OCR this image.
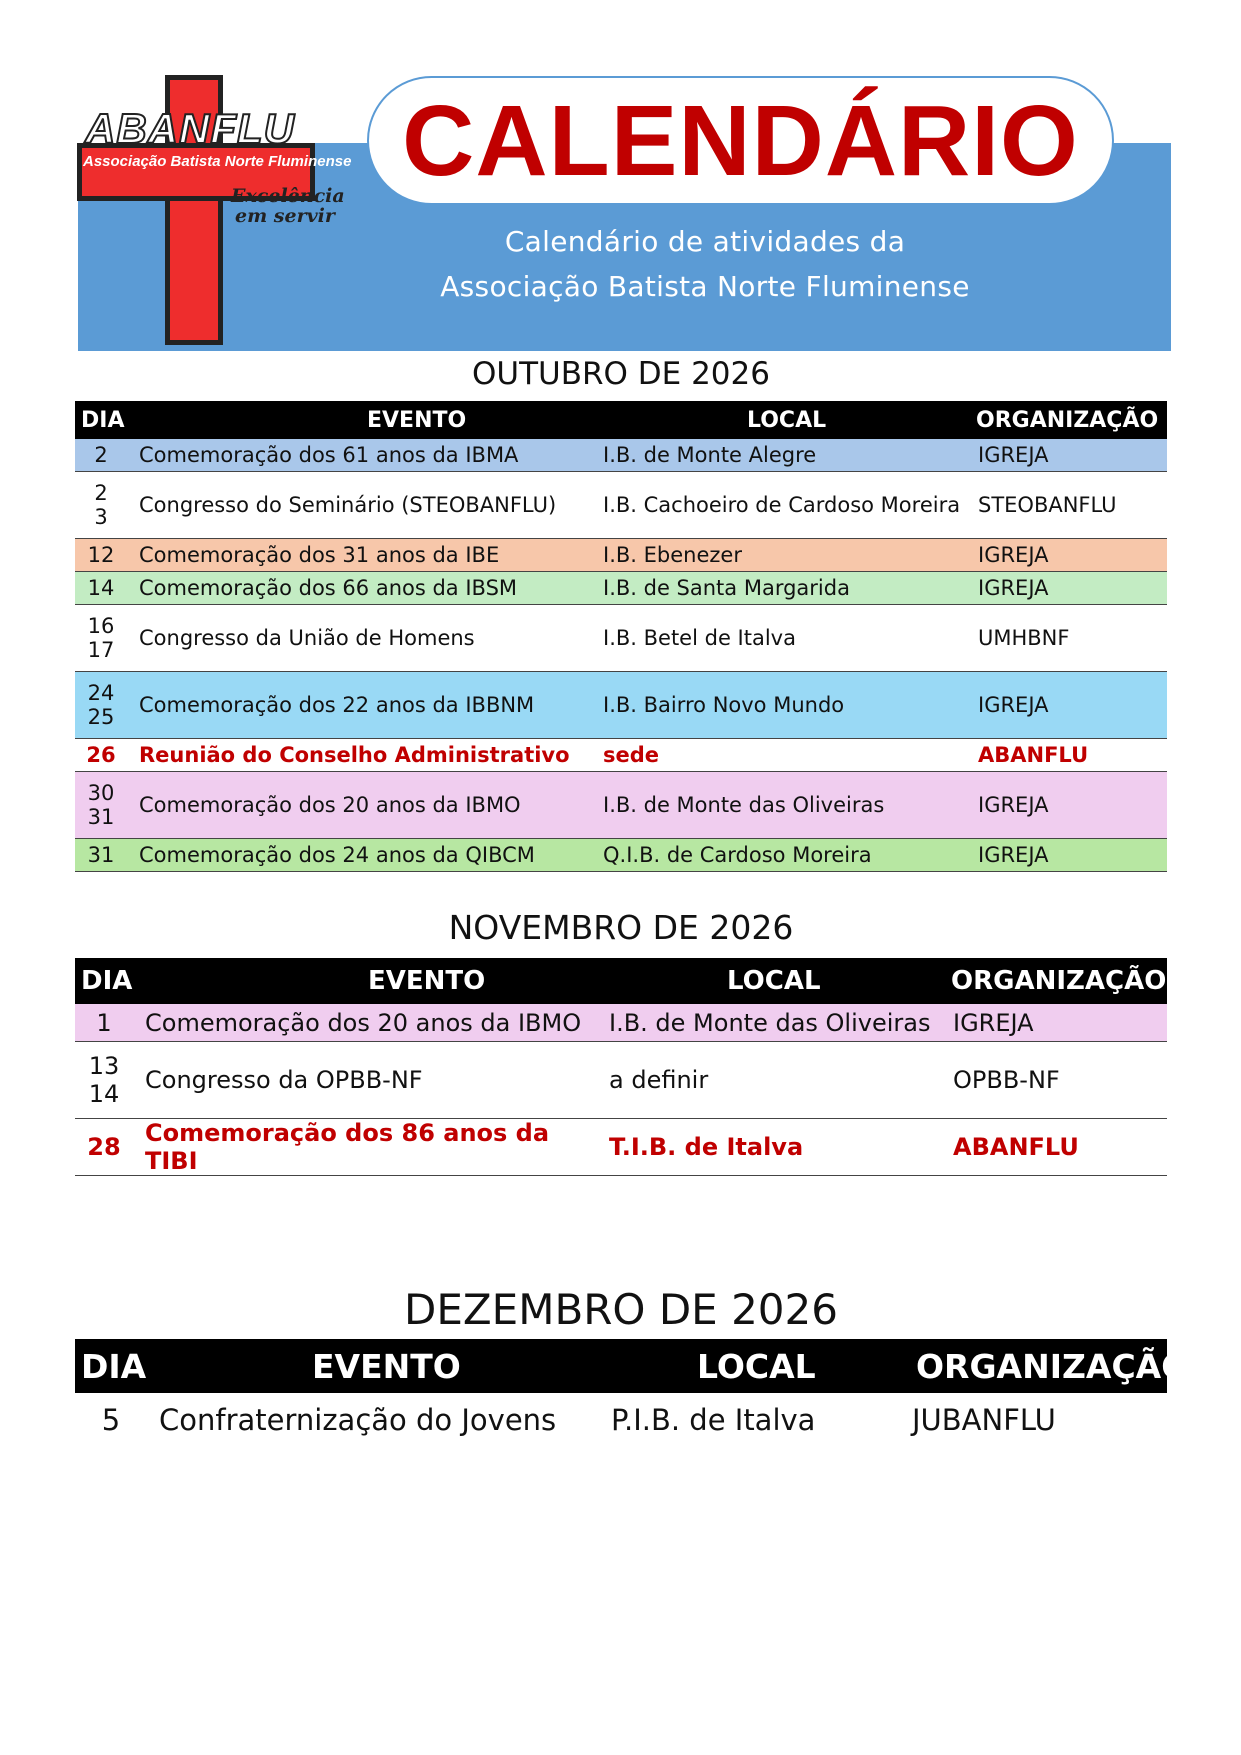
ABANFLU
Associação Batista Norte Fluminense
Excelência
em servir
CALENDÁRIO
Calendário de atividades da
Associação Batista Norte Fluminense
OUTUBRO DE 2026
DIA	EVENTO	LOCAL	ORGANIZAÇÃO

2	Comemoração dos 61 anos da IBMA	I.B. de Monte Alegre	IGREJA

2
3	Congresso do Seminário (STEOBANFLU)	I.B. Cachoeiro de Cardoso Moreira	STEOBANFLU

12	Comemoração dos 31 anos da IBE	I.B. Ebenezer	IGREJA

14	Comemoração dos 66 anos da IBSM	I.B. de Santa Margarida	IGREJA

16
17	Congresso da União de Homens	I.B. Betel de Italva	UMHBNF

24
25	Comemoração dos 22 anos da IBBNM	I.B. Bairro Novo Mundo	IGREJA

26	Reunião do Conselho Administrativo	sede	ABANFLU

30
31	Comemoração dos 20 anos da IBMO	I.B. de Monte das Oliveiras	IGREJA

31	Comemoração dos 24 anos da QIBCM	Q.I.B. de Cardoso Moreira	IGREJA
NOVEMBRO DE 2026
DIA	EVENTO	LOCAL	ORGANIZAÇÃO

1	Comemoração dos 20 anos da IBMO	I.B. de Monte das Oliveiras	IGREJA

13
14	Congresso da OPBB-NF	a definir	OPBB-NF

28	Comemoração dos 86 anos da TIBI	T.I.B. de Italva	ABANFLU
DEZEMBRO DE 2026
DIA	EVENTO	LOCAL	ORGANIZAÇÃO

5	Confraternização do Jovens	P.I.B. de Italva	JUBANFLU
